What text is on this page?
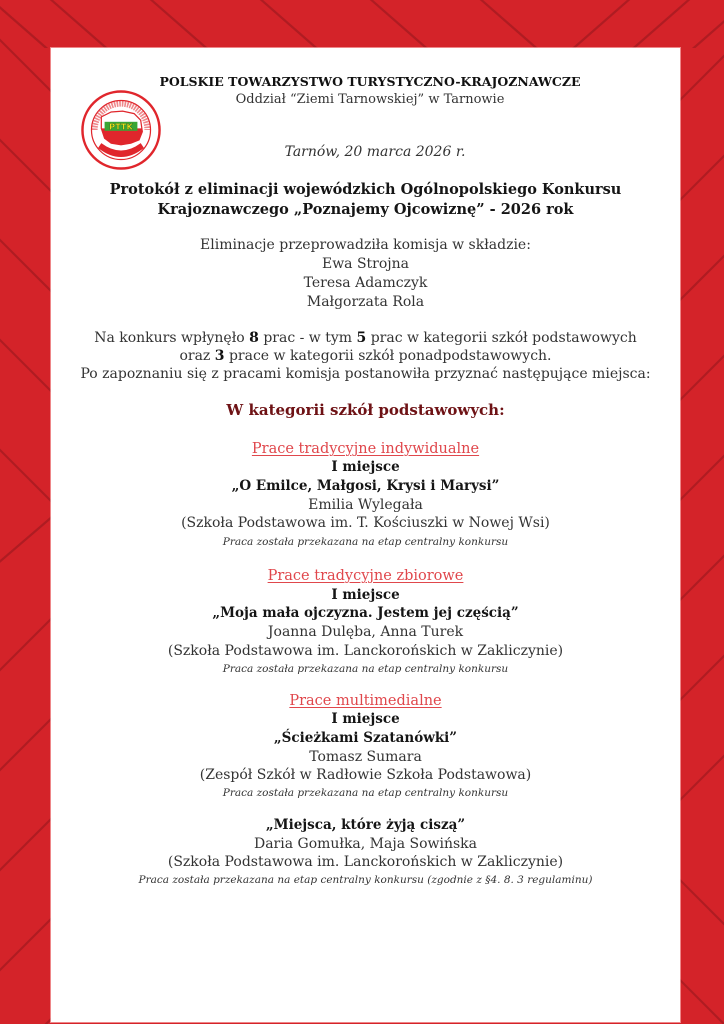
PTTK
POLSKIE TOWARZYSTWO TURYSTYCZNO-KRAJOZNAWCZE
Oddział “Ziemi Tarnowskiej” w Tarnowie
Tarnów, 20 marca 2026 r.
Protokół z eliminacji wojewódzkich Ogólnopolskiego Konkursu
Krajoznawczego „Poznajemy Ojcowiznę” - 2026 rok
Eliminacje przeprowadziła komisja w składzie:
Ewa Strojna
Teresa Adamczyk
Małgorzata Rola
Na konkurs wpłynęło 8 prac - w tym 5 prac w kategorii szkół podstawowych
oraz 3 prace w kategorii szkół ponadpodstawowych.
Po zapoznaniu się z pracami komisja postanowiła przyznać następujące miejsca:
W kategorii szkół podstawowych:
Prace tradycyjne indywidualne
I miejsce
„O Emilce, Małgosi, Krysi i Marysi”
Emilia Wylegała
(Szkoła Podstawowa im. T. Kościuszki w Nowej Wsi)
Praca została przekazana na etap centralny konkursu
Prace tradycyjne zbiorowe
I miejsce
„Moja mała ojczyzna. Jestem jej częścią”
Joanna Dulęba, Anna Turek
(Szkoła Podstawowa im. Lanckorońskich w Zakliczynie)
Praca została przekazana na etap centralny konkursu
Prace multimedialne
I miejsce
„Ścieżkami Szatanówki”
Tomasz Sumara
(Zespół Szkół w Radłowie Szkoła Podstawowa)
Praca została przekazana na etap centralny konkursu
„Miejsca, które żyją ciszą”
Daria Gomułka, Maja Sowińska
(Szkoła Podstawowa im. Lanckorońskich w Zakliczynie)
Praca została przekazana na etap centralny konkursu (zgodnie z §4. 8. 3 regulaminu)
